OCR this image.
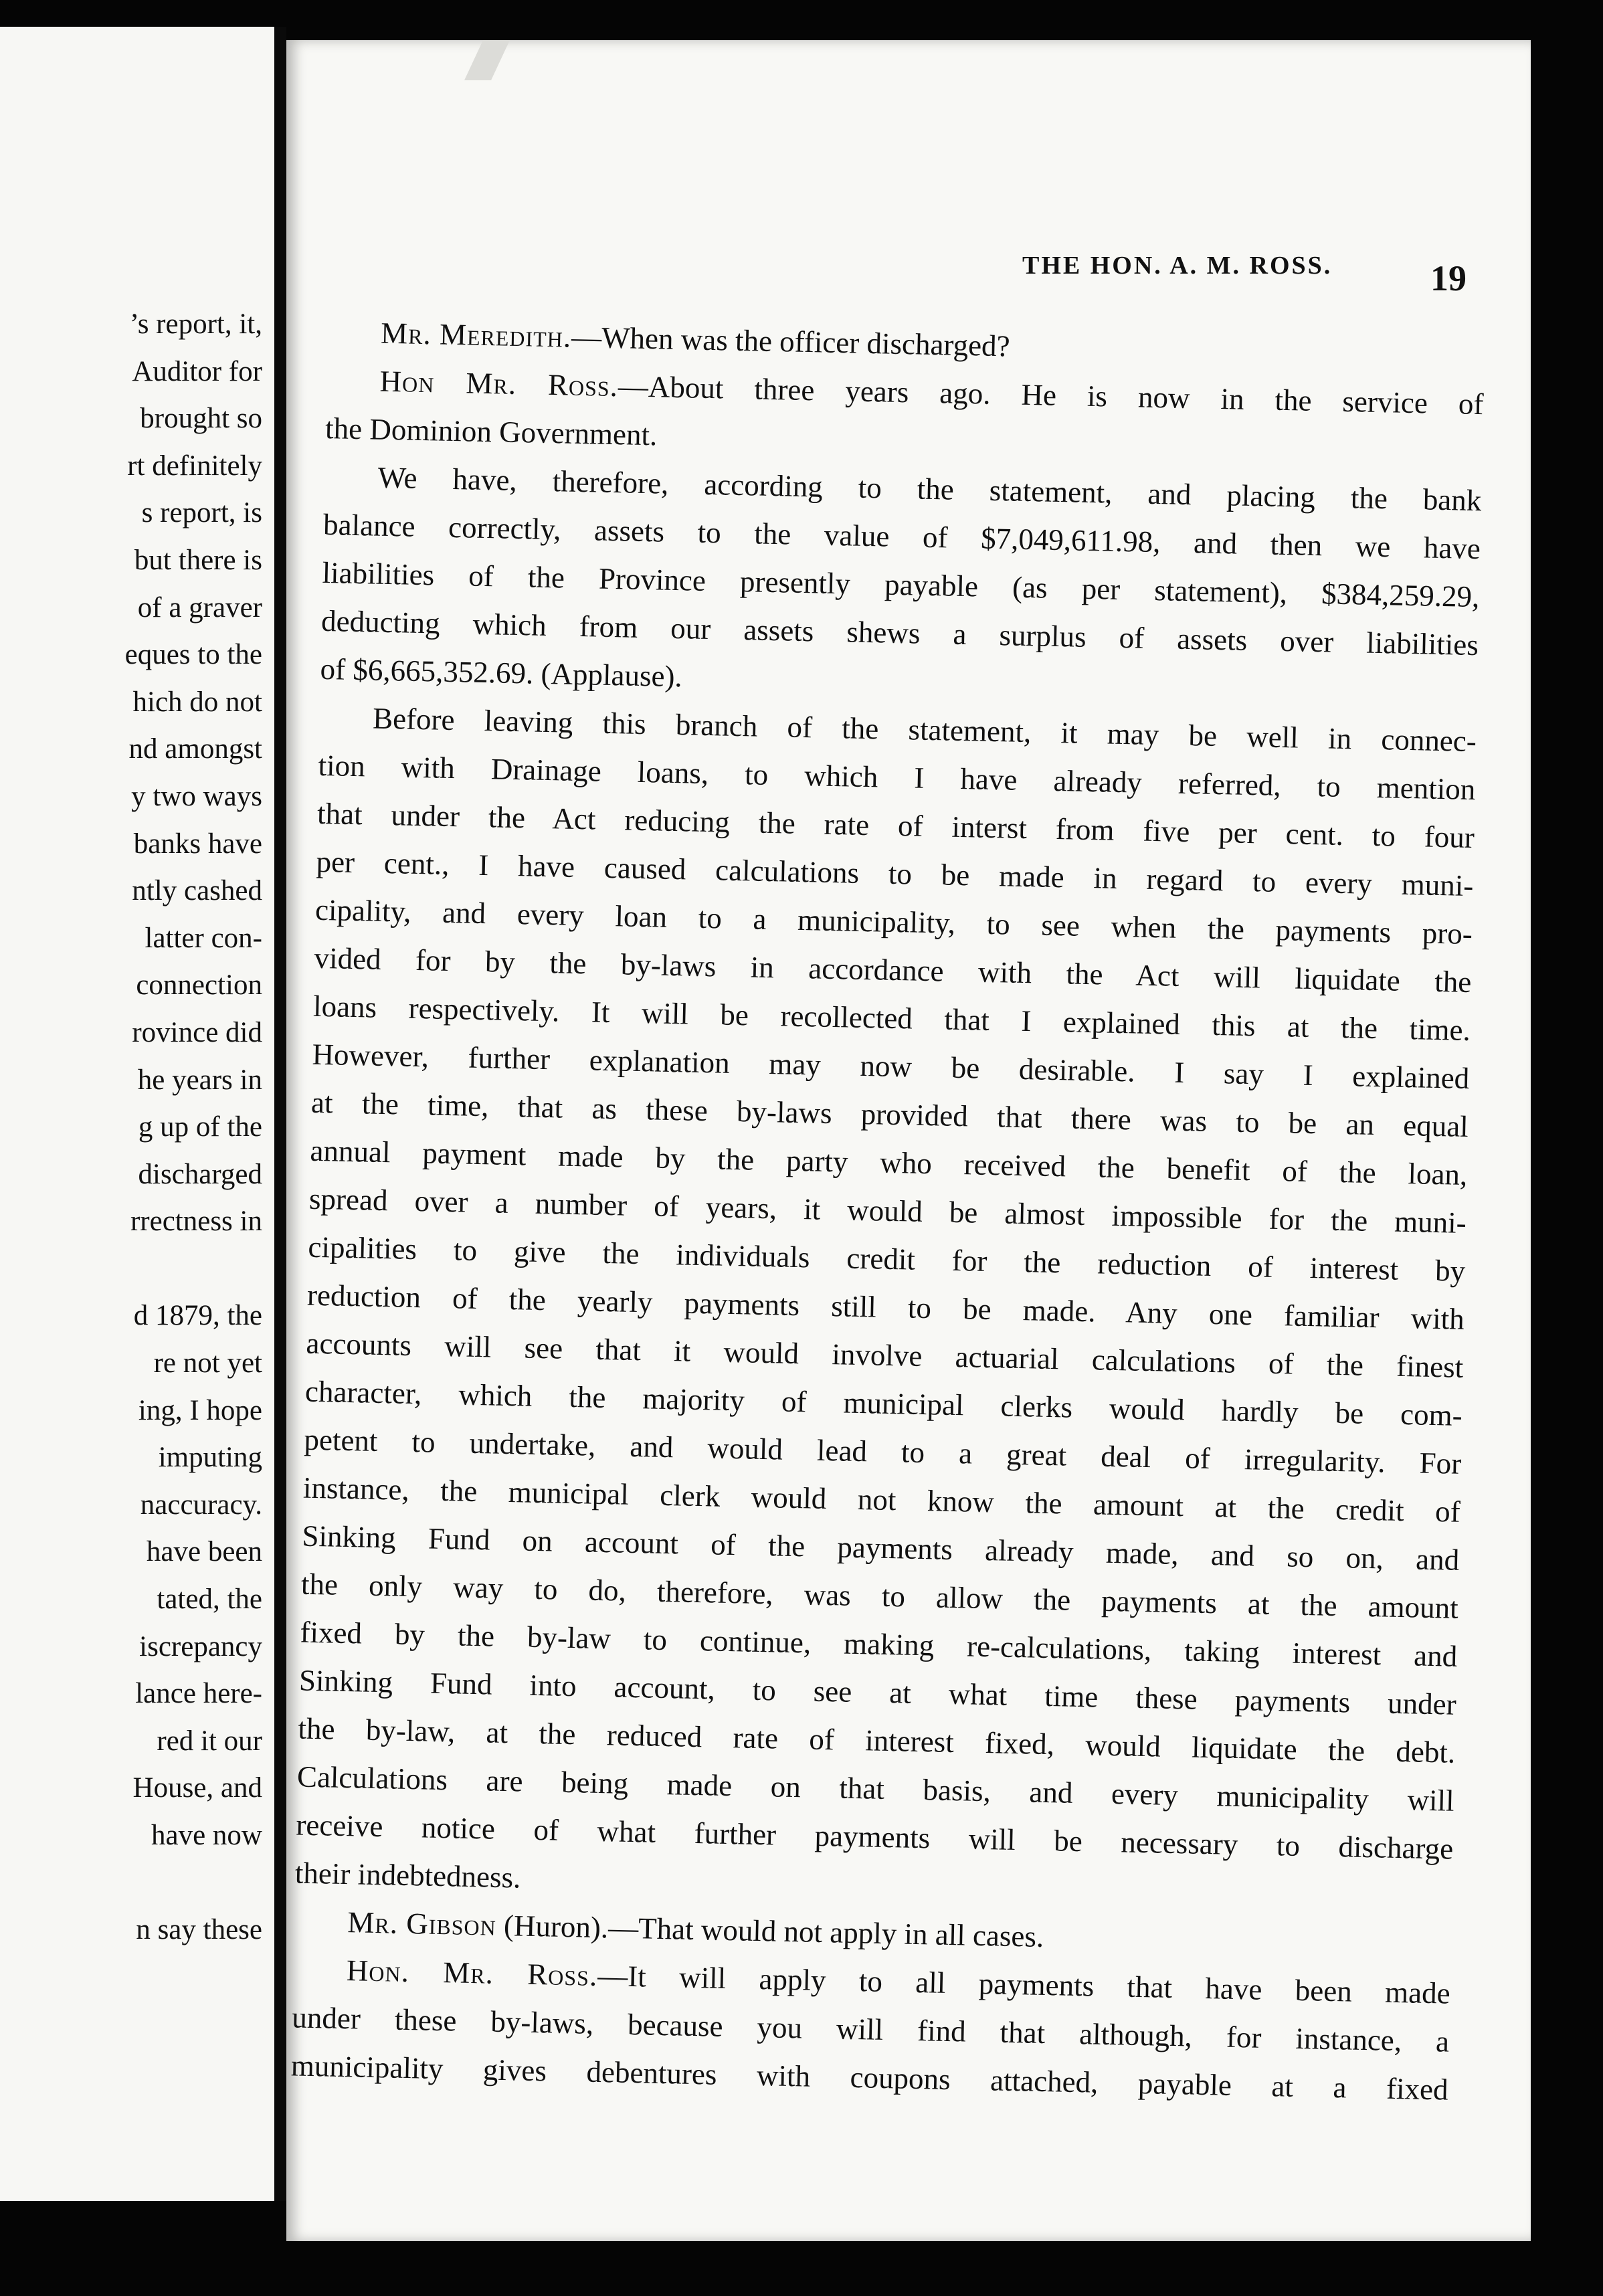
’s report, it,
Auditor for
brought so
rt definitely
s report, is
but there is
of a graver
eques to the
hich do not
nd amongst
y two ways
banks have
ntly cashed
latter con-
connection
rovince did
he years in
g up of the
discharged
rrectness in
d 1879, the
re not yet
ing, I hope
imputing
naccuracy.
have been
tated, the
iscrepancy
lance here-
red it our
House, and
have now
n say these
THE HON. A. M. ROSS.	19
Mr. Meredith.—When was the officer discharged?
Hon Mr. Ross.—About three years ago. He is now in the service of
the Dominion Government.
We have, therefore, according to the statement, and placing the bank
balance correctly, assets to the value of $7,049,611.98, and then we have
liabilities of the Province presently payable (as per statement), $384,259.29,
deducting which from our assets shews a surplus of assets over liabilities
of $6,665,352.69. (Applause).
Before leaving this branch of the statement, it may be well in connec-
tion with Drainage loans, to which I have already referred, to mention
that under the Act reducing the rate of interst from five per cent. to four
per cent., I have caused calculations to be made in regard to every muni-
cipality, and every loan to a municipality, to see when the payments pro-
vided for by the by-laws in accordance with the Act will liquidate the
loans respectively. It will be recollected that I explained this at the time.
However, further explanation may now be desirable. I say I explained
at the time, that as these by-laws provided that there was to be an equal
annual payment made by the party who received the benefit of the loan,
spread over a number of years, it would be almost impossible for the muni-
cipalities to give the individuals credit for the reduction of interest by
reduction of the yearly payments still to be made. Any one familiar with
accounts will see that it would involve actuarial calculations of the finest
character, which the majority of municipal clerks would hardly be com-
petent to undertake, and would lead to a great deal of irregularity. For
instance, the municipal clerk would not know the amount at the credit of
Sinking Fund on account of the payments already made, and so on, and
the only way to do, therefore, was to allow the payments at the amount
fixed by the by-law to continue, making re-calculations, taking interest and
Sinking Fund into account, to see at what time these payments under
the by-law, at the reduced rate of interest fixed, would liquidate the debt.
Calculations are being made on that basis, and every municipality will
receive notice of what further payments will be necessary to discharge
their indebtedness.
Mr. Gibson (Huron).—That would not apply in all cases.
Hon. Mr. Ross.—It will apply to all payments that have been made
under these by-laws, because you will find that although, for instance, a
municipality gives debentures with coupons attached, payable at a fixed
